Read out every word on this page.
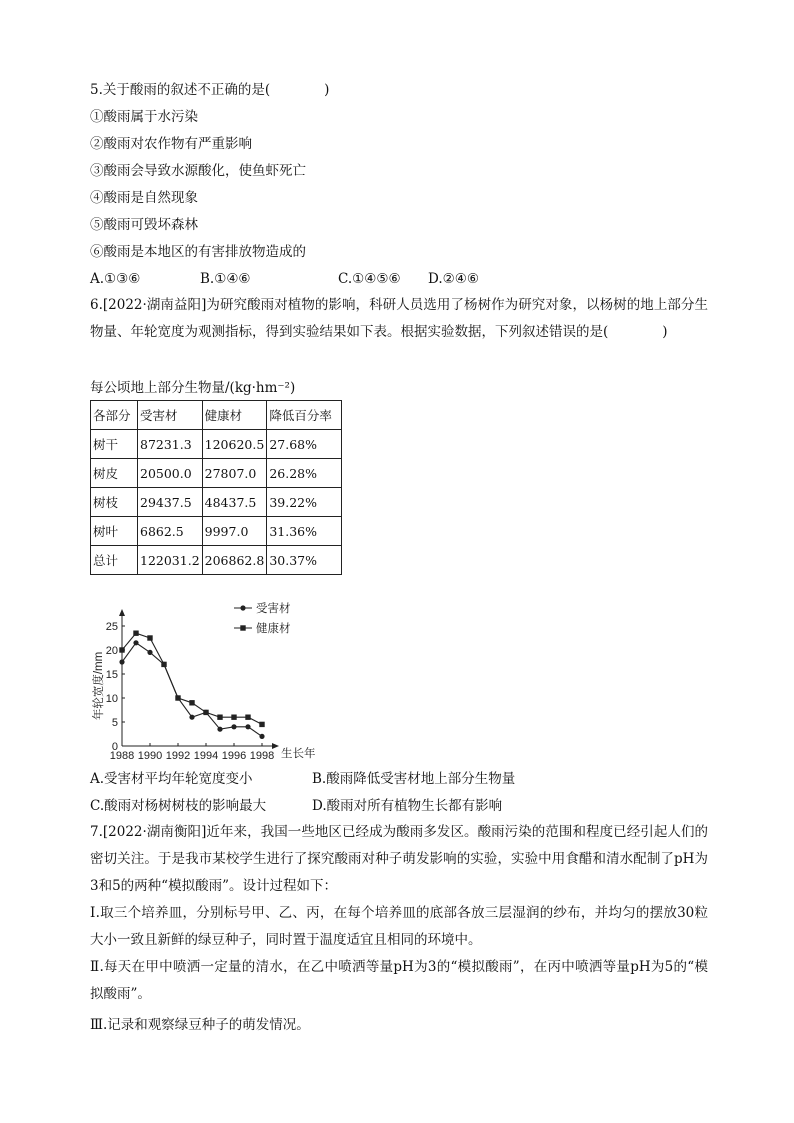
5.关于酸雨的叙述不正确的是(　　　　)
①酸雨属于水污染
②酸雨对农作物有严重影响
③酸雨会导致水源酸化，使鱼虾死亡
④酸雨是自然现象
⑤酸雨可毁坏森林
⑥酸雨是本地区的有害排放物造成的
A.①③⑥	B.①④⑥	C.①④⑤⑥ D.②④⑥
6.[2022·湖南益阳]为研究酸雨对植物的影响，科研人员选用了杨树作为研究对象，以杨树的地上部分生物量、年轮宽度为观测指标，得到实验结果如下表。根据实验数据，下列叙述错误的是(　　　　)
每公顷地上部分生物量/(kg·hm⁻²)
各部分	受害材	健康材	降低百分率
树干	87231.3	120620.5	27.68%
树皮	20500.0	27807.0	26.28%
树枝	29437.5	48437.5	39.22%
树叶	6862.5	9997.0	31.36%
总计	122031.2	206862.8	30.37%
0
5
10
15
20
25
1988 1990 1992 1994 1996 1998 生长年
年轮宽度/mm
受害材
健康材
A.受害材平均年轮宽度变小	B.酸雨降低受害材地上部分生物量
C.酸雨对杨树树枝的影响最大	D.酸雨对所有植物生长都有影响
7.[2022·湖南衡阳]近年来，我国一些地区已经成为酸雨多发区。酸雨污染的范围和程度已经引起人们的密切关注。于是我市某校学生进行了探究酸雨对种子萌发影响的实验，实验中用食醋和清水配制了pH为3和5的两种“模拟酸雨”。设计过程如下：
Ⅰ.取三个培养皿，分别标号甲、乙、丙，在每个培养皿的底部各放三层湿润的纱布，并均匀的摆放30粒大小一致且新鲜的绿豆种子，同时置于温度适宜且相同的环境中。
Ⅱ.每天在甲中喷洒一定量的清水，在乙中喷洒等量pH为3的“模拟酸雨”，在丙中喷洒等量pH为5的“模拟酸雨”。
Ⅲ.记录和观察绿豆种子的萌发情况。
